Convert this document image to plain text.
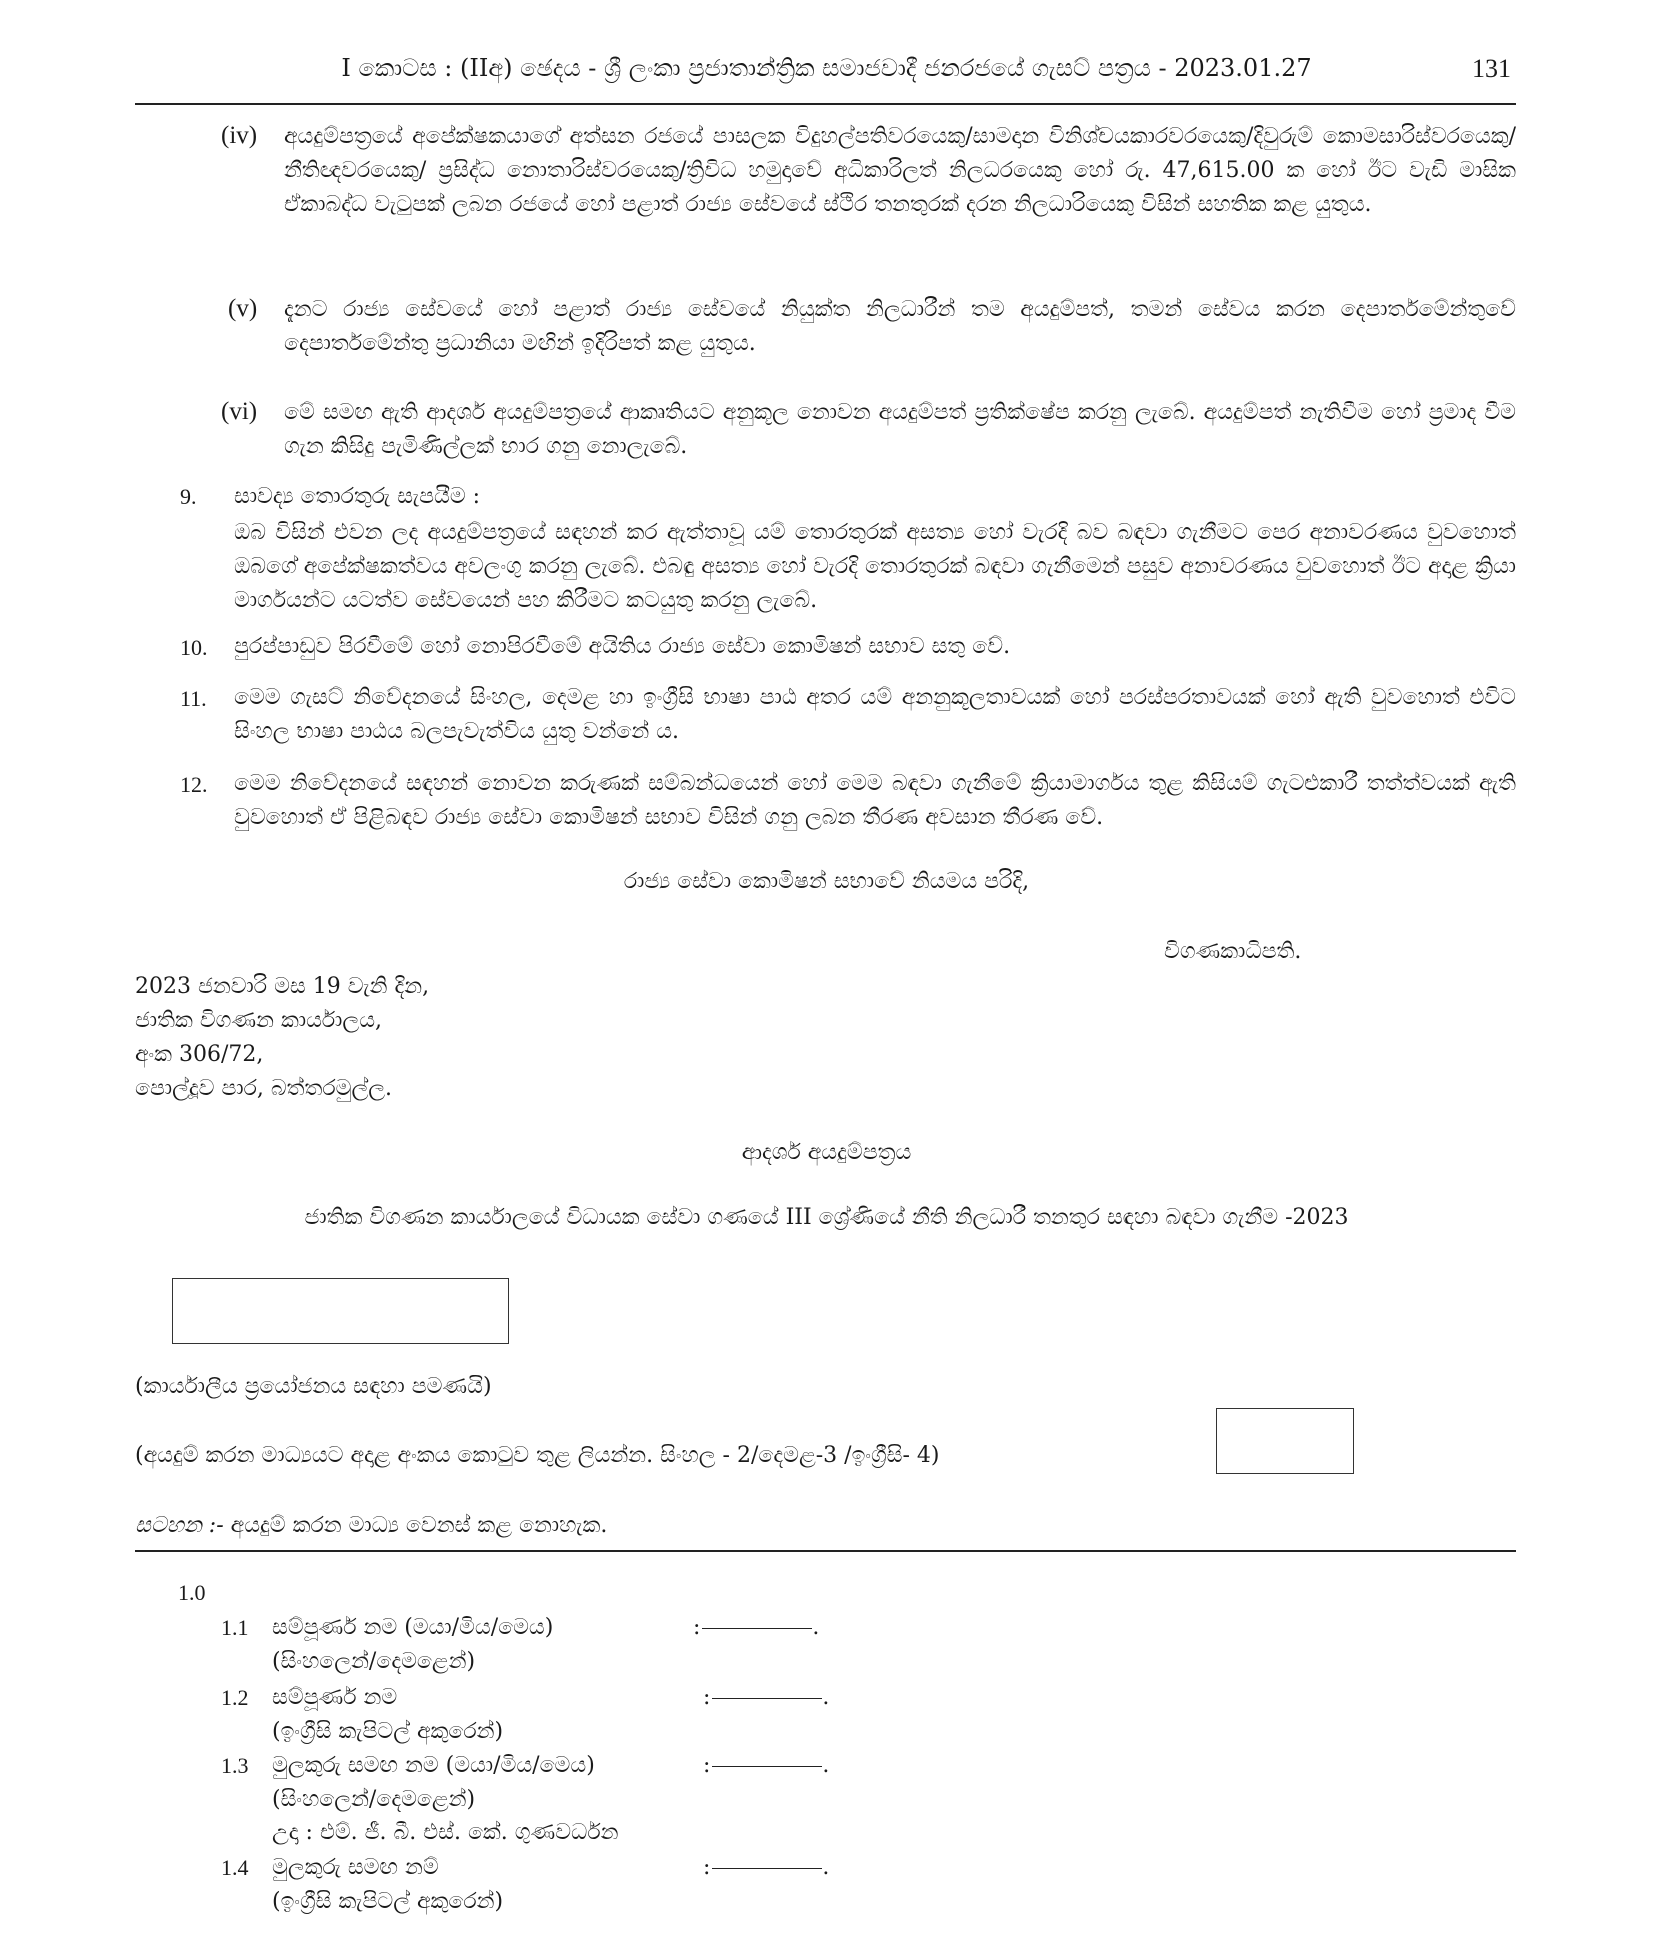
I කොටස : (IIඅ) ඡෙදය - ශ්‍රී ලංකා ප්‍රජාතාන්ත්‍රික සමාජවාදී ජනරජයේ ගැසට් පත්‍රය - 2023.01.27	131
(iv) අයදුම්පත්‍රයේ අපේක්ෂකයාගේ අත්සන රජයේ පාසලක විදුහල්පතිවරයෙකු/සාමදාන විනිශ්චයකාරවරයෙකු/දිවුරුම් කොමසාරිස්වරයෙකු/නීතිඥවරයෙකු/ ප්‍රසිද්ධ නොතාරිස්වරයෙකු/ත්‍රිවිධ හමුදාවේ අධිකාරිලත් නිලධරයෙකු හෝ රු. 47,615.00 ක හෝ ඊට වැඩි මාසික ඒකාබද්ධ වැටුපක් ලබන රජයේ හෝ පළාත් රාජ්‍ය සේවයේ ස්ථිර තනතුරක් දරන නිලධාරියෙකු විසින් සහතික කළ යුතුය.
(v) දැනට රාජ්‍ය සේවයේ හෝ පළාත් රාජ්‍ය සේවයේ නියුක්ත නිලධාරීන් තම අයදුම්පත්, තමන් සේවය කරන දෙපාර්තමේන්තුවේ දෙපාර්තමේන්තු ප්‍රධානියා මඟින් ඉදිරිපත් කළ යුතුය.
(vi) මේ සමඟ ඇති ආදර්ශ අයදුම්පත්‍රයේ ආකෘතියට අනුකූල නොවන අයදුම්පත් ප්‍රතික්ෂේප කරනු ලැබේ. අයදුම්පත් නැතිවීම හෝ ප්‍රමාද වීම ගැන කිසිදු පැමිණිල්ලක් භාර ගනු නොලැබේ.
9. සාවද්‍ය තොරතුරු සැපයීම :
ඔබ විසින් එවන ලද අයදුම්පත්‍රයේ සඳහන් කර ඇත්තාවූ යම් තොරතුරක් අසත්‍ය හෝ වැරදි බව බඳවා ගැනීමට පෙර අනාවරණය වුවහොත් ඔබගේ අපේක්ෂකත්වය අවලංගු කරනු ලැබේ. එබඳු අසත්‍ය හෝ වැරදි තොරතුරක් බඳවා ගැනීමෙන් පසුව අනාවරණය වුවහොත් ඊට අදාළ ක්‍රියා මාර්ගයන්ට යටත්ව සේවයෙන් පහ කිරීමට කටයුතු කරනු ලැබේ.
10. පුරප්පාඩුව පිරවීමේ හෝ නොපිරවීමේ අයිතිය රාජ්‍ය සේවා කොමිෂන් සභාව සතු වේ.
11. මෙම ගැසට් නිවේදනයේ සිංහල, දෙමළ හා ඉංග්‍රීසි භාෂා පාඨ අතර යම් අනනුකූලතාවයක් හෝ පරස්පරතාවයක් හෝ ඇති වුවහොත් එවිට සිංහල භාෂා පාඨය බලපැවැත්විය යුතු වන්නේ ය.
12. මෙම නිවේදනයේ සඳහන් නොවන කරුණක් සම්බන්ධයෙන් හෝ මෙම බඳවා ගැනීමේ ක්‍රියාමාර්ගය තුළ කිසියම් ගැටළුකාරී තත්ත්වයක් ඇති වුවහොත් ඒ පිළිබඳව රාජ්‍ය සේවා කොමිෂන් සභාව විසින් ගනු ලබන තීරණ අවසාන තීරණ වේ.
රාජ්‍ය සේවා කොමිෂන් සභාවේ නියමය පරිදි,
විගණකාධිපති.
2023 ජනවාරි මස 19 වැනි දින,
ජාතික විගණන කාර්යාලය,
අංක 306/72,
පොල්දූව පාර, බත්තරමුල්ල.
ආදර්ශ අයදුම්පත්‍රය
ජාතික විගණන කාර්යාලයේ විධායක සේවා ගණයේ III ශ්‍රේණියේ නීති නිලධාරී තනතුර සඳහා බඳවා ගැනීම -2023
(කාර්යාලීය ප්‍රයෝජනය සඳහා පමණයි)
(අයදුම් කරන මාධ්‍යයට අදාළ අංකය කොටුව තුළ ලියන්න. සිංහල - 2/දෙමළ-3 /ඉංග්‍රීසි- 4)
සටහන :- අයදුම් කරන මාධ්‍ය වෙනස් කළ නොහැක.
1.0
1.1 සම්පූර්ණ නම (මයා/මිය/මෙය)	:	.
(සිංහලෙන්/දෙමළෙන්)
1.2 සම්පූර්ණ නම	:	.
(ඉංග්‍රීසි කැපිටල් අකුරෙන්)
1.3 මුලකුරු සමඟ නම (මයා/මිය/මෙය)	:	.
(සිංහලෙන්/දෙමළෙන්)
උදා : එම්. ජී. බී. එස්. කේ. ගුණවර්ධන
1.4 මුලකුරු සමඟ නම්	:	.
(ඉංග්‍රීසි කැපිටල් අකුරෙන්)
